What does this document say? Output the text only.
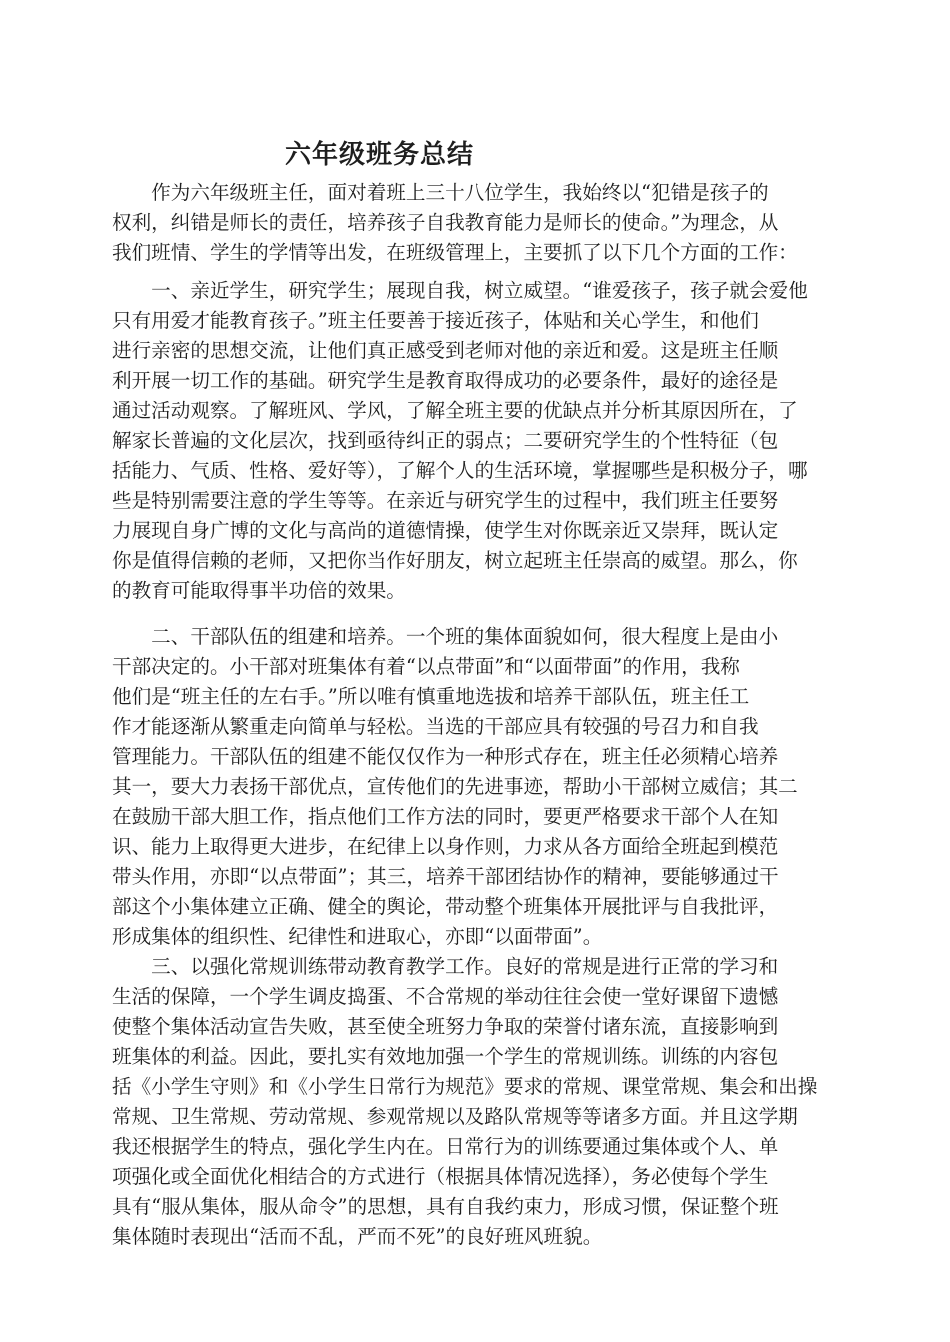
六年级班务总结
　　作为六年级班主任，面对着班上三十八位学生，我始终以“犯错是孩子的
权利，纠错是师长的责任，培养孩子自我教育能力是师长的使命。”为理念，从
我们班情、学生的学情等出发，在班级管理上，主要抓了以下几个方面的工作：
　　一、亲近学生，研究学生；展现自我，树立威望。“谁爱孩子，孩子就会爱他
只有用爱才能教育孩子。”班主任要善于接近孩子，体贴和关心学生，和他们
进行亲密的思想交流，让他们真正感受到老师对他的亲近和爱。这是班主任顺
利开展一切工作的基础。研究学生是教育取得成功的必要条件，最好的途径是
通过活动观察。了解班风、学风，了解全班主要的优缺点并分析其原因所在，了
解家长普遍的文化层次，找到亟待纠正的弱点；二要研究学生的个性特征（包
括能力、气质、性格、爱好等），了解个人的生活环境，掌握哪些是积极分子，哪
些是特别需要注意的学生等等。在亲近与研究学生的过程中，我们班主任要努
力展现自身广博的文化与高尚的道德情操，使学生对你既亲近又崇拜，既认定
你是值得信赖的老师，又把你当作好朋友，树立起班主任崇高的威望。那么，你
的教育可能取得事半功倍的效果。
　　二、干部队伍的组建和培养。一个班的集体面貌如何，很大程度上是由小
干部决定的。小干部对班集体有着“以点带面”和“以面带面”的作用，我称
他们是“班主任的左右手。”所以唯有慎重地选拔和培养干部队伍，班主任工
作才能逐渐从繁重走向简单与轻松。当选的干部应具有较强的号召力和自我
管理能力。干部队伍的组建不能仅仅作为一种形式存在，班主任必须精心培养
其一，要大力表扬干部优点，宣传他们的先进事迹，帮助小干部树立威信；其二
在鼓励干部大胆工作，指点他们工作方法的同时，要更严格要求干部个人在知
识、能力上取得更大进步，在纪律上以身作则，力求从各方面给全班起到模范
带头作用，亦即“以点带面”；其三，培养干部团结协作的精神，要能够通过干
部这个小集体建立正确、健全的舆论，带动整个班集体开展批评与自我批评，
形成集体的组织性、纪律性和进取心，亦即“以面带面”。
　　三、以强化常规训练带动教育教学工作。良好的常规是进行正常的学习和
生活的保障，一个学生调皮捣蛋、不合常规的举动往往会使一堂好课留下遗憾
使整个集体活动宣告失败，甚至使全班努力争取的荣誉付诸东流，直接影响到
班集体的利益。因此，要扎实有效地加强一个学生的常规训练。训练的内容包
括《小学生守则》和《小学生日常行为规范》要求的常规、课堂常规、集会和出操
常规、卫生常规、劳动常规、参观常规以及路队常规等等诸多方面。并且这学期
我还根据学生的特点，强化学生内在。日常行为的训练要通过集体或个人、单
项强化或全面优化相结合的方式进行（根据具体情况选择），务必使每个学生
具有“服从集体，服从命令”的思想，具有自我约束力，形成习惯，保证整个班
集体随时表现出“活而不乱，严而不死”的良好班风班貌。
